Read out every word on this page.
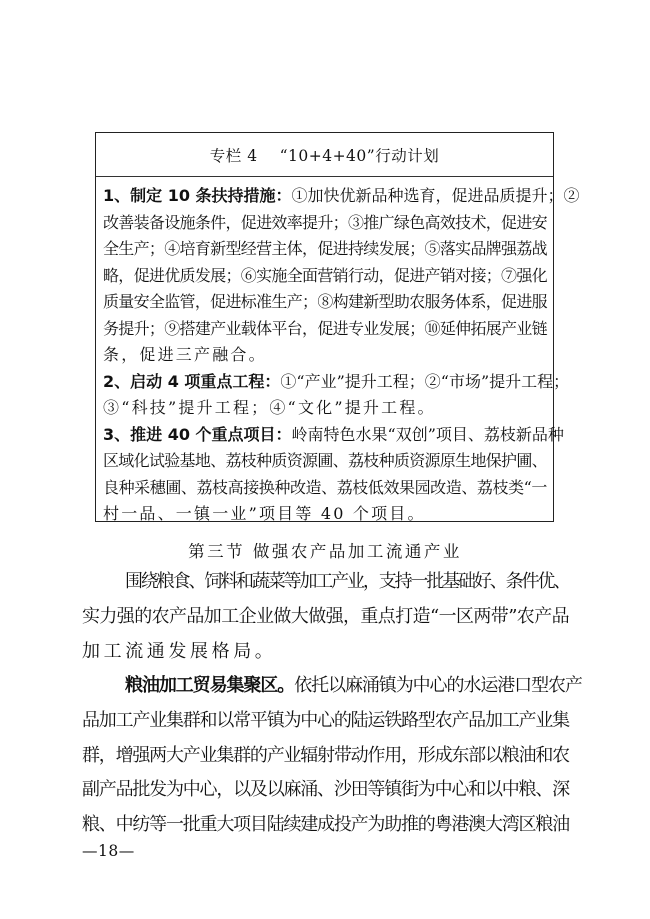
专栏 4 “10+4+40”行动计划
1、制定 10 条扶持措施： ①加快优新品种选育，促进品质提升；②
改善装备设施条件，促进效率提升；③推广绿色高效技术，促进安
全生产；④培育新型经营主体，促进持续发展；⑤落实品牌强荔战
略，促进优质发展；⑥实施全面营销行动，促进产销对接；⑦强化
质量安全监管，促进标准生产；⑧构建新型助农服务体系，促进服
务提升；⑨搭建产业载体平台，促进专业发展；⑩延伸拓展产业链
条，促进三产融合。
2、启动 4 项重点工程： ①“产业”提升工程；②“市场”提升工程；
③“科技”提升工程；④“文化”提升工程。
3、推进 40 个重点项目： 岭南特色水果“双创”项目、荔枝新品种
区域化试验基地、荔枝种质资源圃、荔枝种质资源原生地保护圃、
良种采穗圃、荔枝高接换种改造、荔枝低效果园改造、荔枝类“一
村一品、一镇一业”项目等 40 个项目。
第三节 做强农产品加工流通产业
围绕粮食、饲料和蔬菜等加工产业，支持一批基础好、条件优、
实力强的农产品加工企业做大做强，重点打造“一区两带”农产品
加工流通发展格局。
粮油加工贸易集聚区。 依托以麻涌镇为中心的水运港口型农产
品加工产业集群和以常平镇为中心的陆运铁路型农产品加工产业集
群，增强两大产业集群的产业辐射带动作用，形成东部以粮油和农
副产品批发为中心，以及以麻涌、沙田等镇街为中心和以中粮、深
粮、中纺等一批重大项目陆续建成投产为助推的粤港澳大湾区粮油
—18—
